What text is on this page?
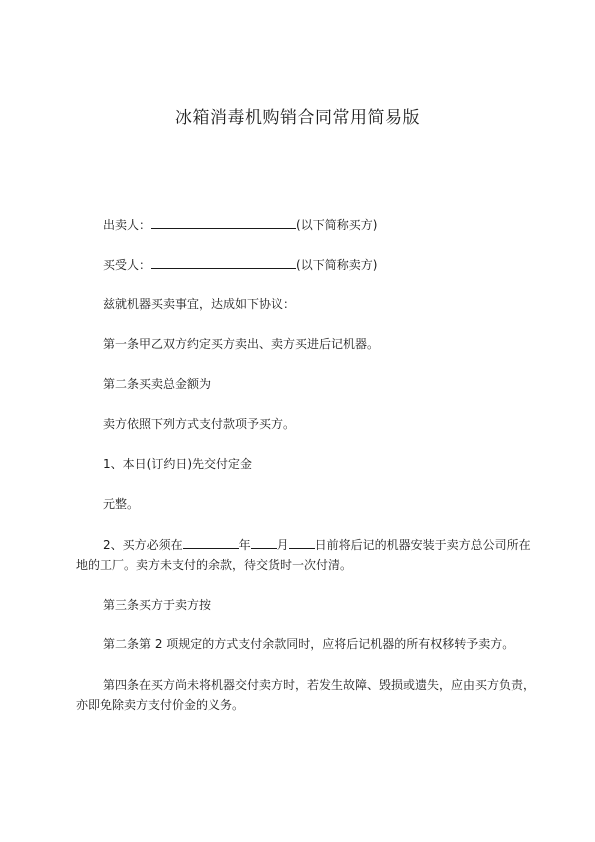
冰箱消毒机购销合同常用简易版
出卖人：	(以下简称买方)
买受人：	(以下简称卖方)
兹就机器买卖事宜，达成如下协议：
第一条甲乙双方约定买方卖出、卖方买进后记机器。
第二条买卖总金额为
卖方依照下列方式支付款项予买方。
1、本日(订约日)先交付定金
元整。
2、买方必须在	年 月 日前将后记的机器安装于卖方总公司所在地的工厂。卖方未支付的余款，待交货时一次付清。
第三条买方于卖方按
第二条第 2 项规定的方式支付余款同时，应将后记机器的所有权移转予卖方。
第四条在买方尚未将机器交付卖方时，若发生故障、毁损或遗失，应由买方负责，亦即免除卖方支付价金的义务。
